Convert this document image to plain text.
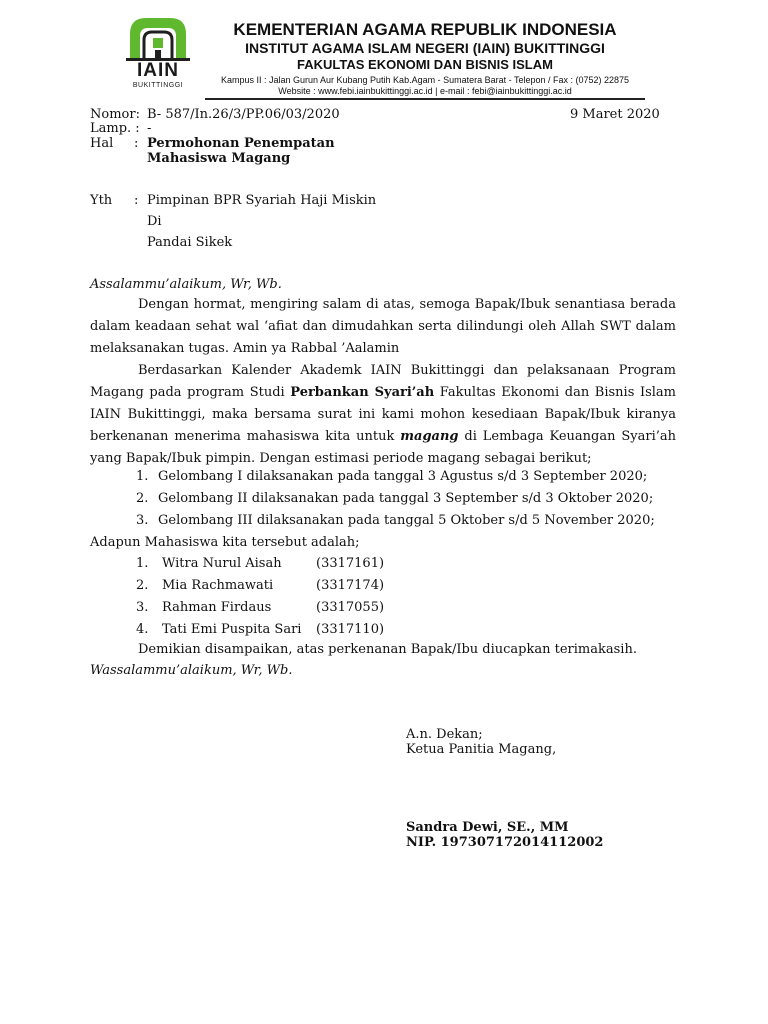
IAIN
BUKITTINGGI
KEMENTERIAN AGAMA REPUBLIK INDONESIA
INSTITUT AGAMA ISLAM NEGERI (IAIN) BUKITTINGGI
FAKULTAS EKONOMI DAN BISNIS ISLAM
Kampus II : Jalan Gurun Aur Kubang Putih Kab.Agam - Sumatera Barat - Telepon / Fax : (0752) 22875
Website : www.febi.iainbukittinggi.ac.id | e-mail : febi@iainbukittinggi.ac.id
Nomor: B- 587/In.26/3/PP.06/03/2020	9 Maret 2020
Lamp. : -
Hal : Permohonan Penempatan
Mahasiswa Magang
Yth : Pimpinan BPR Syariah Haji Miskin
Di
Pandai Sikek
Assalammu’alaikum, Wr, Wb.
Dengan hormat, mengiring salam di atas, semoga Bapak/Ibuk senantiasa berada dalam keadaan sehat wal ‘afiat dan dimudahkan serta dilindungi oleh Allah SWT dalam melaksanakan tugas. Amin ya Rabbal ’Aalamin
Berdasarkan Kalender Akademk IAIN Bukittinggi dan pelaksanaan Program Magang pada program Studi Perbankan Syari’ah Fakultas Ekonomi dan Bisnis Islam IAIN Bukittinggi, maka bersama surat ini kami mohon kesediaan Bapak/Ibuk kiranya berkenanan menerima mahasiswa kita untuk magang di Lembaga Keuangan Syari’ah yang Bapak/Ibuk pimpin. Dengan estimasi periode magang sebagai berikut;
1. Gelombang I dilaksanakan pada tanggal 3 Agustus s/d 3 September 2020;
2. Gelombang II dilaksanakan pada tanggal 3 September s/d 3 Oktober 2020;
3. Gelombang III dilaksanakan pada tanggal 5 Oktober s/d 5 November 2020;
Adapun Mahasiswa kita tersebut adalah;
1. Witra Nurul Aisah	(3317161)
2. Mia Rachmawati	(3317174)
3. Rahman Firdaus	(3317055)
4. Tati Emi Puspita Sari (3317110)
Demikian disampaikan, atas perkenanan Bapak/Ibu diucapkan terimakasih.
Wassalammu’alaikum, Wr, Wb.
A.n. Dekan;
Ketua Panitia Magang,
Sandra Dewi, SE., MM
NIP. 197307172014112002
